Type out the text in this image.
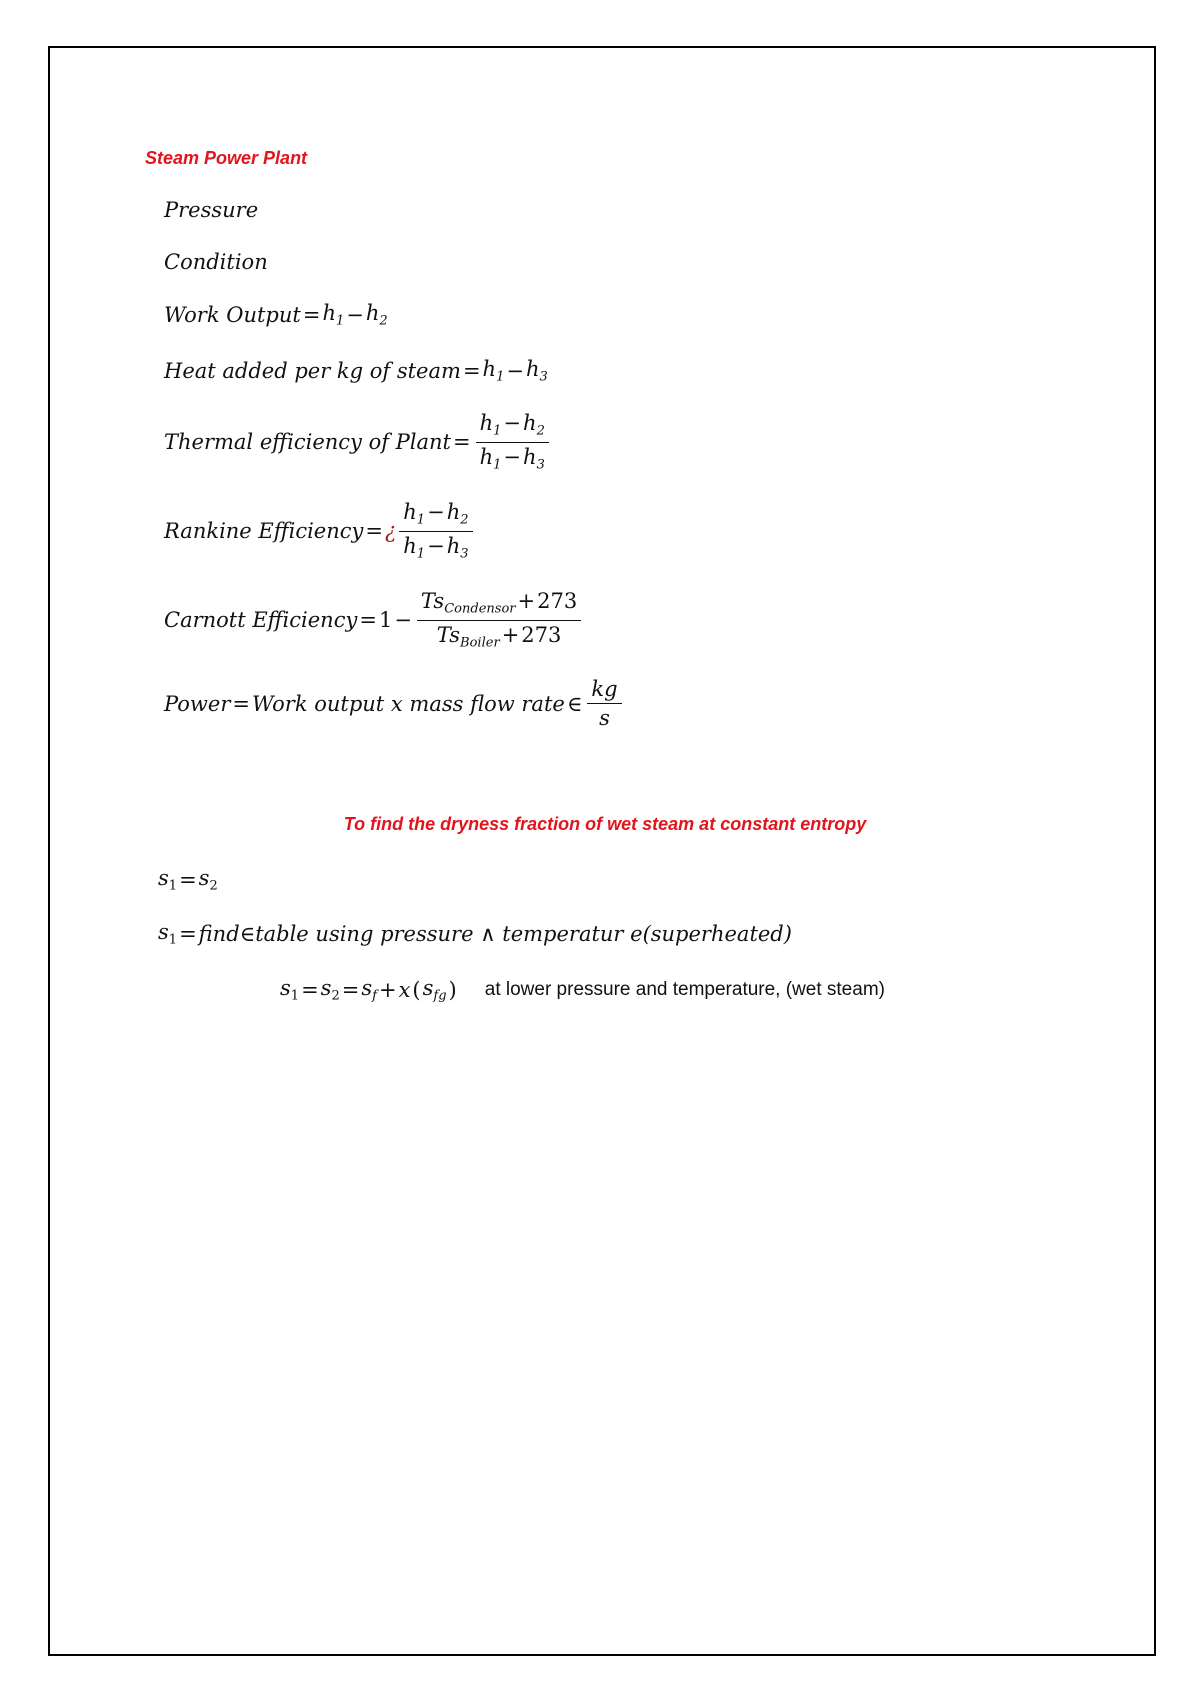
Steam Power Plant
Pressure
Condition
Work Output = $h_1 - h_2$
Heat added per kg of steam = $h_1 - h_3$
Thermal efficiency of Plant = $\frac{h_1-h_2}{h_1-h_3}$
Rankine Efficiency = ¿ $\frac{h_1-h_2}{h_1-h_3}$
Carnott Efficiency = $1 - \frac{Ts_{Condensor}+273}{Ts_{Boiler}+273}$
Power = Work output x mass flow rate ∈ $\frac{kg}{s}$
To find the dryness fraction of wet steam at constant entropy
$s_1 = s_2$
$s_1$ = find∈table using pressure ∧ temperatur e(superheated)
$s_1 = s_2 = s_f + x$ ( $s_{fg}$ ) at lower pressure and temperature, (wet steam)
